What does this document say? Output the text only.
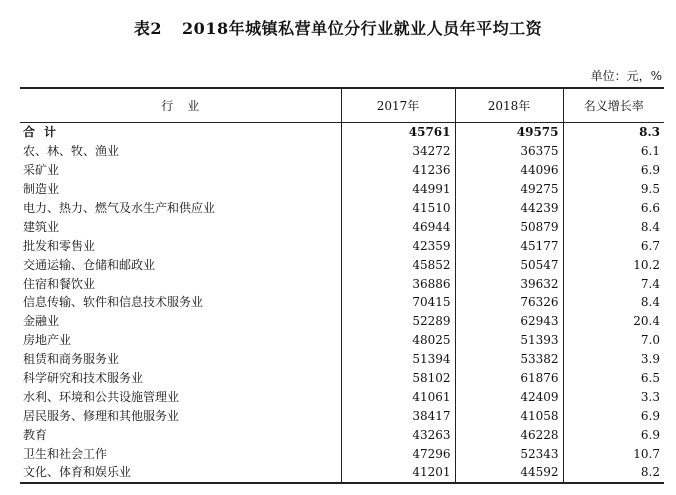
表2 2018年城镇私营单位分行业就业人员年平均工资
单位：元，%
行业	2017年	2018年	名义增长率
合计	45761	49575	8.3
农、林、牧、渔业	34272	36375	6.1
采矿业	41236	44096	6.9
制造业	44991	49275	9.5
电力、热力、燃气及水生产和供应业	41510	44239	6.6
建筑业	46944	50879	8.4
批发和零售业	42359	45177	6.7
交通运输、仓储和邮政业	45852	50547	10.2
住宿和餐饮业	36886	39632	7.4
信息传输、软件和信息技术服务业	70415	76326	8.4
金融业	52289	62943	20.4
房地产业	48025	51393	7.0
租赁和商务服务业	51394	53382	3.9
科学研究和技术服务业	58102	61876	6.5
水利、环境和公共设施管理业	41061	42409	3.3
居民服务、修理和其他服务业	38417	41058	6.9
教育	43263	46228	6.9
卫生和社会工作	47296	52343	10.7
文化、体育和娱乐业	41201	44592	8.2
